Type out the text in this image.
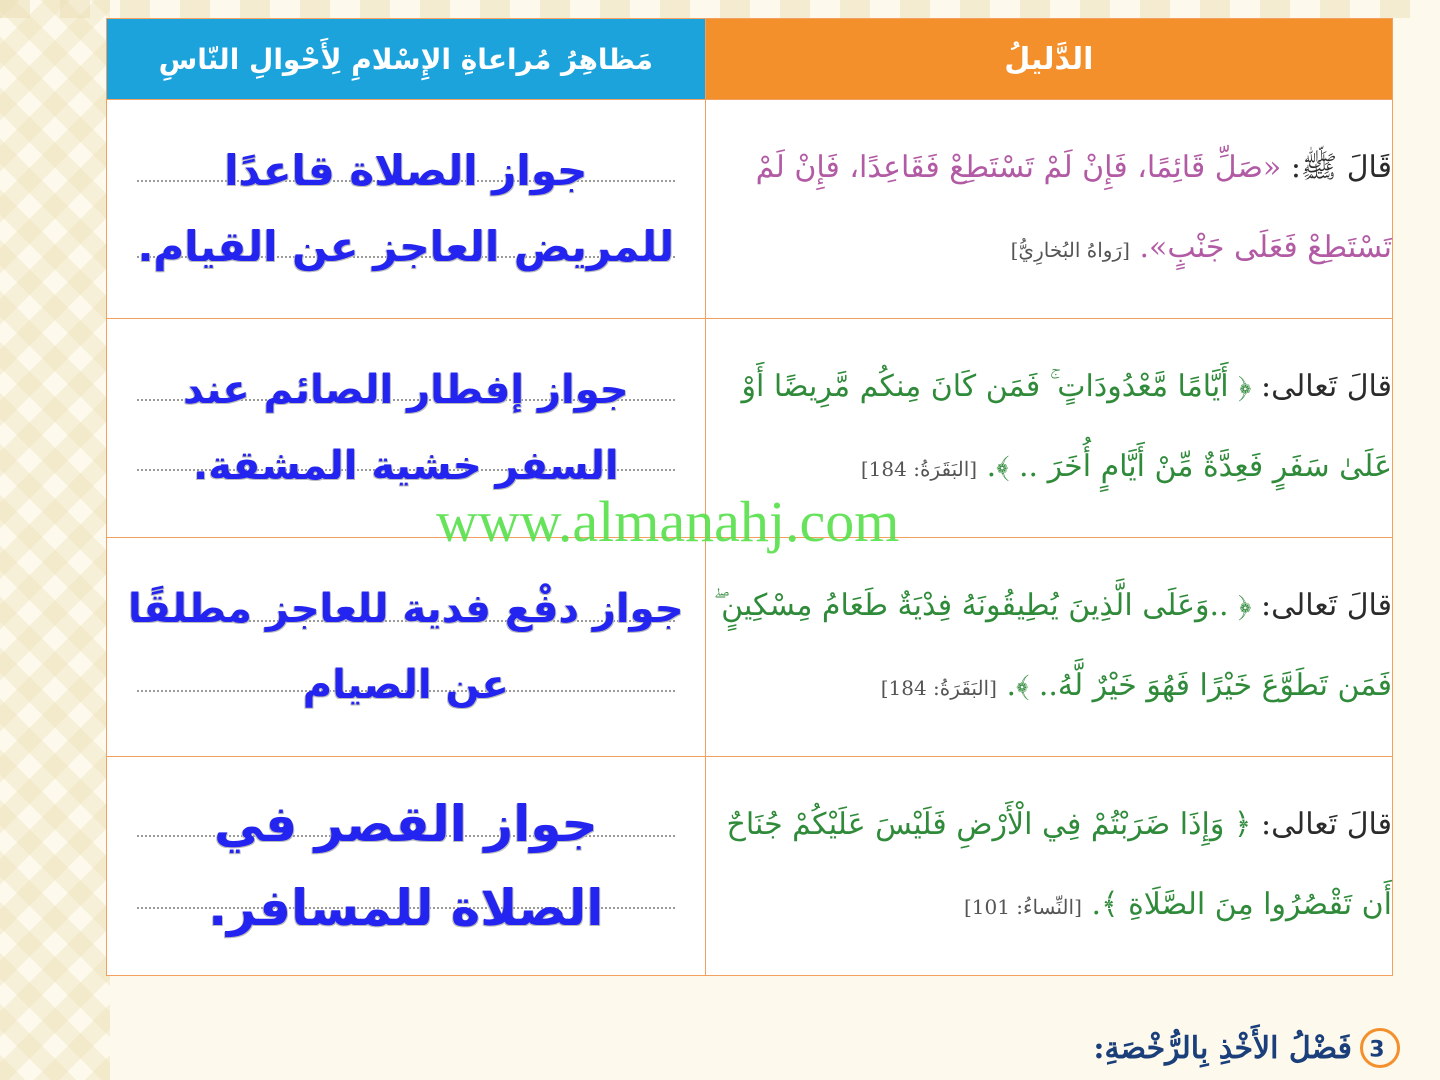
مَظاهِرُ مُراعاةِ الإِسْلامِ لِأَحْوالِ النّاسِ	الدَّليلُ

جواز الصلاة قاعدًا
للمريض العاجز عن القيام.	قَالَ ﷺ: «صَلِّ قَائِمًا، فَإِنْ لَمْ تَسْتَطِعْ فَقَاعِدًا، فَإِنْ لَمْ تَسْتَطِعْ فَعَلَى جَنْبٍ». [رَواهُ البُخارِيُّ]

جواز إفطار الصائم عند
السفر خشية المشقة.	قالَ تَعالى: ﴿ أَيَّامًا مَّعْدُودَاتٍ ۚ فَمَن كَانَ مِنكُم مَّرِيضًا أَوْ عَلَىٰ سَفَرٍ فَعِدَّةٌ مِّنْ أَيَّامٍ أُخَرَ .. ﴾. [البَقَرَةُ: 184]

جواز دفْع فدية للعاجز مطلقًا
عن الصيام	قالَ تَعالى: ﴿ ..وَعَلَى الَّذِينَ يُطِيقُونَهُ فِدْيَةٌ طَعَامُ مِسْكِينٍ ۖ فَمَن تَطَوَّعَ خَيْرًا فَهُوَ خَيْرٌ لَّهُ.. ﴾. [البَقَرَةُ: 184]

جواز القصر في
الصلاة للمسافر.	قالَ تَعالى: ﴿ وَإِذَا ضَرَبْتُمْ فِي الْأَرْضِ فَلَيْسَ عَلَيْكُمْ جُنَاحٌ أَن تَقْصُرُوا مِنَ الصَّلَاةِ ﴾. [النِّساءُ: 101]
www.almanahj.com
3
فَضْلُ الأَخْذِ بِالرُّخْصَةِ:
